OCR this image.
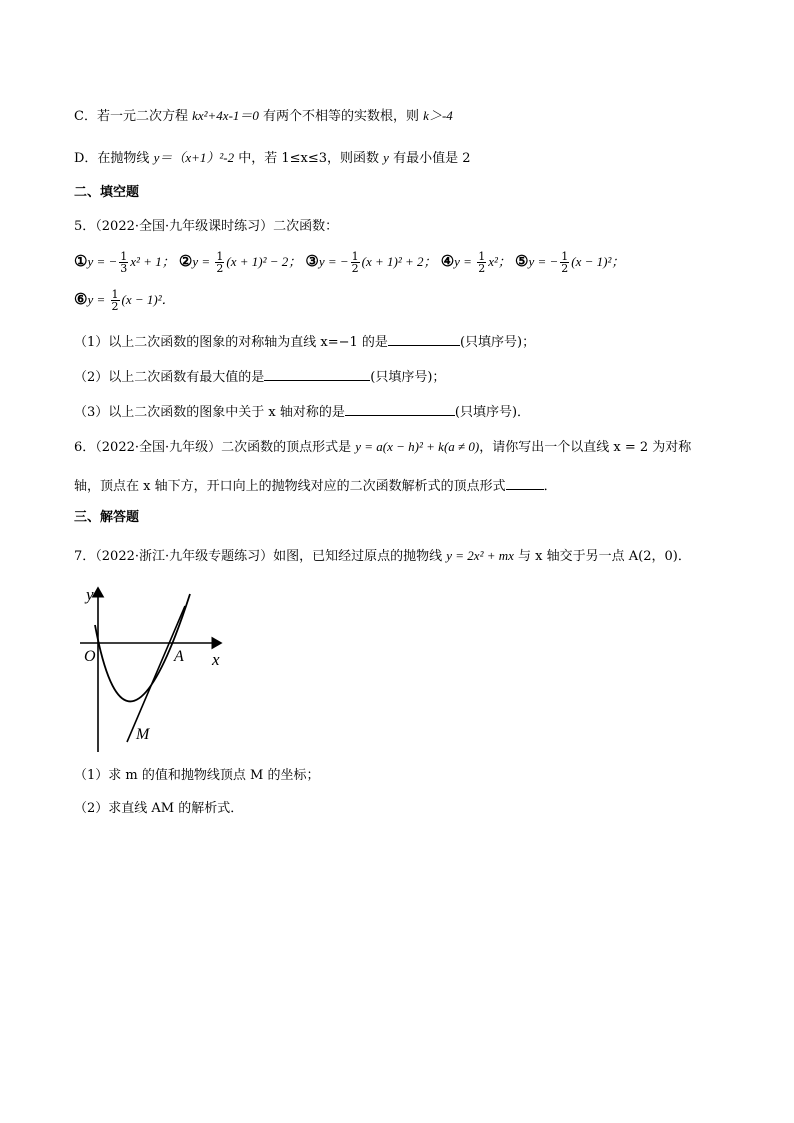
C．若一元二次方程 kx²+4x-1＝0 有两个不相等的实数根，则 k＞-4
D．在抛物线 y＝（x+1）²-2 中，若 1≤x≤3，则函数 y 有最小值是 2
二、填空题
5．（2022·全国·九年级课时练习）二次函数：
①y = − $\frac{1}{3} x^2 + 1$； ②y = $\frac{1}{2} (x + 1)^2 - 2$； ③y = − $\frac{1}{2} (x + 1)^2 + 2$； ④y = $\frac{1}{2} x^2$； ⑤y = − $\frac{1}{2} (x - 1)^2$；
⑥y = $\frac{1}{2} (x - 1)^2$．
（1）以上二次函数的图象的对称轴为直线 x=−1 的是	(只填序号)；
（2）以上二次函数有最大值的是	(只填序号)；
（3）以上二次函数的图象中关于 x 轴对称的是	(只填序号)．
6．（2022·全国·九年级）二次函数的顶点形式是 y = a(x − h)² + k(a ≠ 0)，请你写出一个以直线 x = 2 为对称
轴，顶点在 x 轴下方，开口向上的抛物线对应的二次函数解析式的顶点形式	．
三、解答题
7．（2022·浙江·九年级专题练习）如图，已知经过原点的抛物线 y = 2x² + mx 与 x 轴交于另一点 A(2，0)．
y
x
O	A
M
（1）求 m 的值和抛物线顶点 M 的坐标；
（2）求直线 AM 的解析式．
